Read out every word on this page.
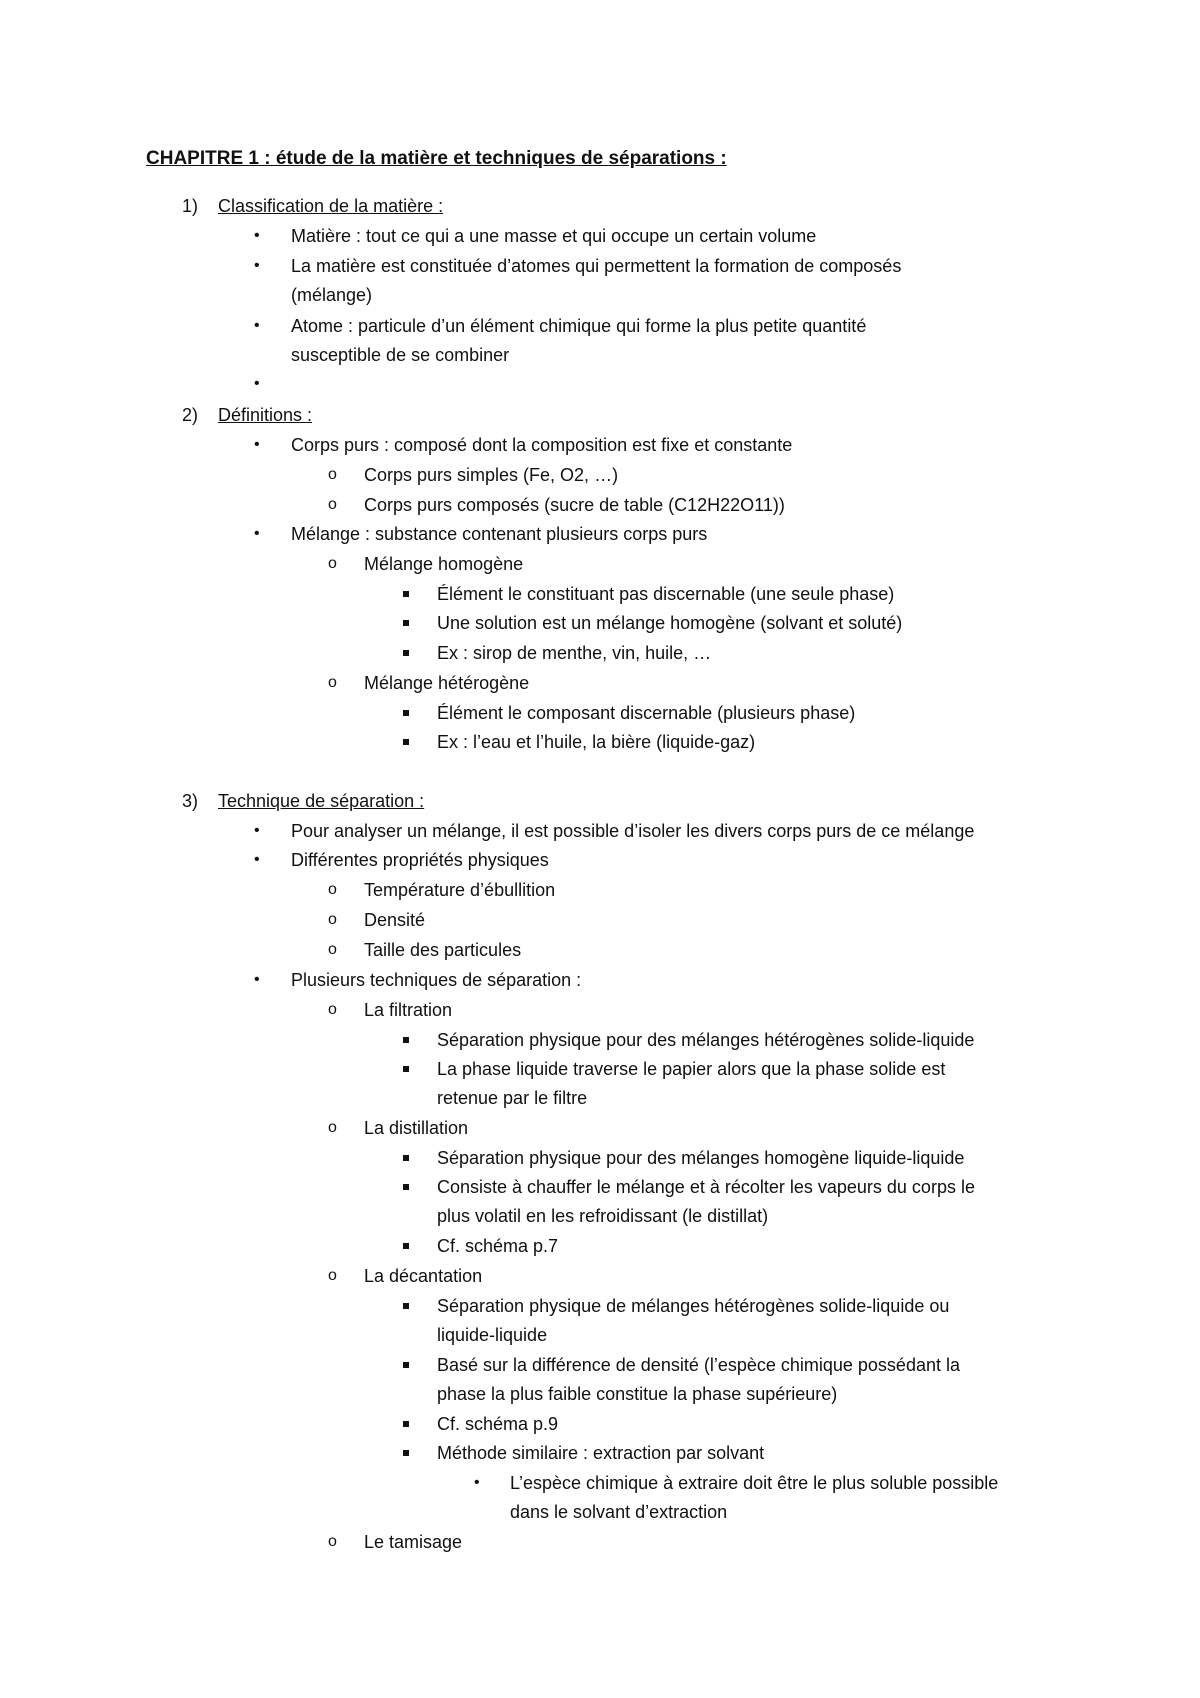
CHAPITRE 1 : étude de la matière et techniques de séparations :
1) Classification de la matière :
• Matière : tout ce qui a une masse et qui occupe un certain volume
• La matière est constituée d’atomes qui permettent la formation de composés
(mélange)
• Atome : particule d’un élément chimique qui forme la plus petite quantité
susceptible de se combiner
•
2) Définitions :
• Corps purs : composé dont la composition est fixe et constante
o Corps purs simples (Fe, O2, …)
o Corps purs composés (sucre de table (C12H22O11))
• Mélange : substance contenant plusieurs corps purs
o Mélange homogène
Élément le constituant pas discernable (une seule phase)
Une solution est un mélange homogène (solvant et soluté)
Ex : sirop de menthe, vin, huile, …
o Mélange hétérogène
Élément le composant discernable (plusieurs phase)
Ex : l’eau et l’huile, la bière (liquide-gaz)
3) Technique de séparation :
• Pour analyser un mélange, il est possible d’isoler les divers corps purs de ce mélange
• Différentes propriétés physiques
o Température d’ébullition
o Densité
o Taille des particules
• Plusieurs techniques de séparation :
o La filtration
Séparation physique pour des mélanges hétérogènes solide-liquide
La phase liquide traverse le papier alors que la phase solide est
retenue par le filtre
o La distillation
Séparation physique pour des mélanges homogène liquide-liquide
Consiste à chauffer le mélange et à récolter les vapeurs du corps le
plus volatil en les refroidissant (le distillat)
Cf. schéma p.7
o La décantation
Séparation physique de mélanges hétérogènes solide-liquide ou
liquide-liquide
Basé sur la différence de densité (l’espèce chimique possédant la
phase la plus faible constitue la phase supérieure)
Cf. schéma p.9
Méthode similaire : extraction par solvant
• L’espèce chimique à extraire doit être le plus soluble possible
dans le solvant d’extraction
o Le tamisage
